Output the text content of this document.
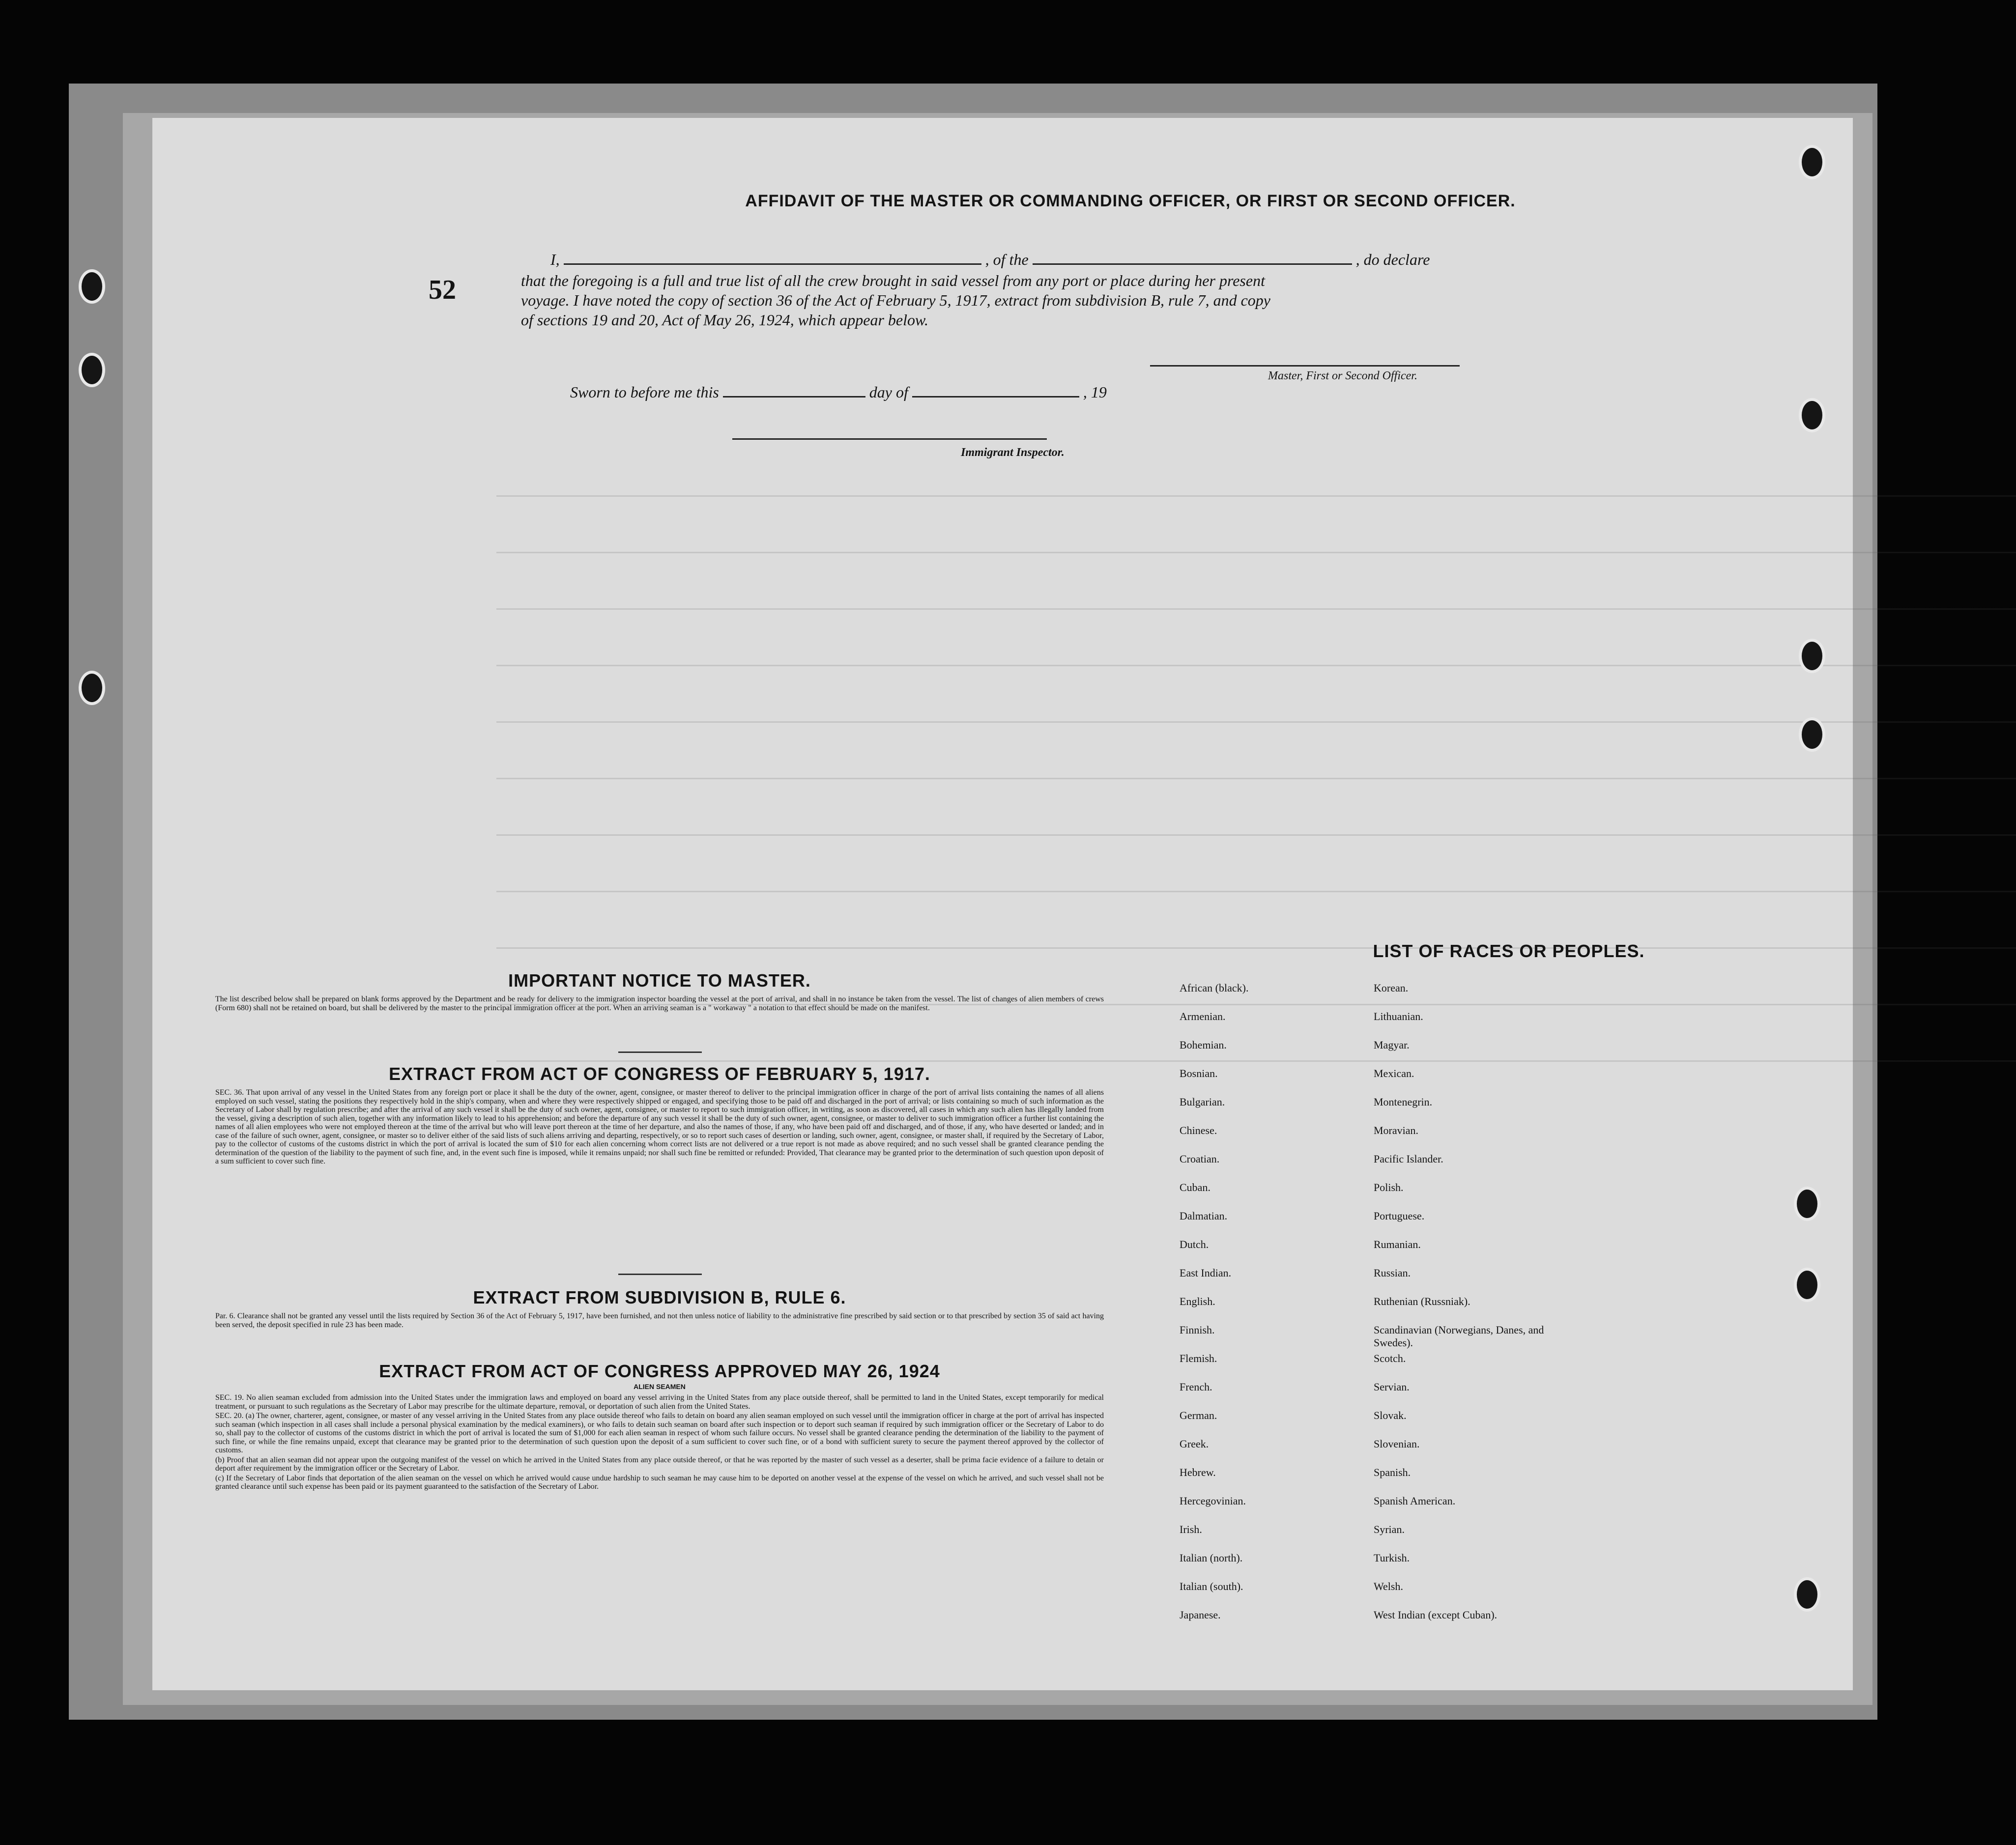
AFFIDAVIT OF THE MASTER OR COMMANDING OFFICER, OR FIRST OR SECOND OFFICER.
I,	, of the	, do declare
52	that the foregoing is a full and true list of all the crew brought in said vessel from any port or place during her present
voyage. I have noted the copy of section 36 of the Act of February 5, 1917, extract from subdivision B, rule 7, and copy
of sections 19 and 20, Act of May 26, 1924, which appear below.
Master, First or Second Officer.
Sworn to before me this	day of	, 19
Immigrant Inspector.
IMPORTANT NOTICE TO MASTER.

The list described below shall be prepared on blank forms approved by the Department and be ready for delivery to the immigration inspector boarding the vessel at the port of arrival, and shall in no instance be taken from the vessel. The list of changes of alien members of crews (Form 680) shall not be retained on board, but shall be delivered by the master to the principal immigration officer at the port. When an arriving seaman is a " workaway " a notation to that effect should be made on the manifest.

EXTRACT FROM ACT OF CONGRESS OF FEBRUARY 5, 1917.

SEC. 36. That upon arrival of any vessel in the United States from any foreign port or place it shall be the duty of the owner, agent, consignee, or master thereof to deliver to the principal immigration officer in charge of the port of arrival lists containing the names of all aliens employed on such vessel, stating the positions they respectively hold in the ship's company, when and where they were respectively shipped or engaged, and specifying those to be paid off and discharged in the port of arrival; or lists containing so much of such information as the Secretary of Labor shall by regulation prescribe; and after the arrival of any such vessel it shall be the duty of such owner, agent, consignee, or master to report to such immigration officer, in writing, as soon as discovered, all cases in which any such alien has illegally landed from the vessel, giving a description of such alien, together with any information likely to lead to his apprehension; and before the departure of any such vessel it shall be the duty of such owner, agent, consignee, or master to deliver to such immigration officer a further list containing the names of all alien employees who were not employed thereon at the time of the arrival but who will leave port thereon at the time of her departure, and also the names of those, if any, who have been paid off and discharged, and of those, if any, who have deserted or landed; and in case of the failure of such owner, agent, consignee, or master so to deliver either of the said lists of such aliens arriving and departing, respectively, or so to report such cases of desertion or landing, such owner, agent, consignee, or master shall, if required by the Secretary of Labor, pay to the collector of customs of the customs district in which the port of arrival is located the sum of $10 for each alien concerning whom correct lists are not delivered or a true report is not made as above required; and no such vessel shall be granted clearance pending the determination of the question of the liability to the payment of such fine, and, in the event such fine is imposed, while it remains unpaid; nor shall such fine be remitted or refunded: Provided, That clearance may be granted prior to the determination of such question upon deposit of a sum sufficient to cover such fine.

EXTRACT FROM SUBDIVISION B, RULE 6.

Par. 6. Clearance shall not be granted any vessel until the lists required by Section 36 of the Act of February 5, 1917, have been furnished, and not then unless notice of liability to the administrative fine prescribed by said section or to that prescribed by section 35 of said act having been served, the deposit specified in rule 23 has been made.

EXTRACT FROM ACT OF CONGRESS APPROVED MAY 26, 1924
ALIEN SEAMEN

SEC. 19. No alien seaman excluded from admission into the United States under the immigration laws and employed on board any vessel arriving in the United States from any place outside thereof, shall be permitted to land in the United States, except temporarily for medical treatment, or pursuant to such regulations as the Secretary of Labor may prescribe for the ultimate departure, removal, or deportation of such alien from the United States.

SEC. 20. (a) The owner, charterer, agent, consignee, or master of any vessel arriving in the United States from any place outside thereof who fails to detain on board any alien seaman employed on such vessel until the immigration officer in charge at the port of arrival has inspected such seaman (which inspection in all cases shall include a personal physical examination by the medical examiners), or who fails to detain such seaman on board after such inspection or to deport such seaman if required by such immigration officer or the Secretary of Labor to do so, shall pay to the collector of customs of the customs district in which the port of arrival is located the sum of $1,000 for each alien seaman in respect of whom such failure occurs. No vessel shall be granted clearance pending the determination of the liability to the payment of such fine, or while the fine remains unpaid, except that clearance may be granted prior to the determination of such question upon the deposit of a sum sufficient to cover such fine, or of a bond with sufficient surety to secure the payment thereof approved by the collector of customs.

(b) Proof that an alien seaman did not appear upon the outgoing manifest of the vessel on which he arrived in the United States from any place outside thereof, or that he was reported by the master of such vessel as a deserter, shall be prima facie evidence of a failure to detain or deport after requirement by the immigration officer or the Secretary of Labor.

(c) If the Secretary of Labor finds that deportation of the alien seaman on the vessel on which he arrived would cause undue hardship to such seaman he may cause him to be deported on another vessel at the expense of the vessel on which he arrived, and such vessel shall not be granted clearance until such expense has been paid or its payment guaranteed to the satisfaction of the Secretary of Labor.

LIST OF RACES OR PEOPLES.
African (black).
Armenian.
Bohemian.
Bosnian.
Bulgarian.
Chinese.
Croatian.
Cuban.
Dalmatian.
Dutch.
East Indian.
English.
Finnish.
Flemish.
French.
German.
Greek.
Hebrew.
Hercegovinian.
Irish.
Italian (north).
Italian (south).
Japanese.
Korean.
Lithuanian.
Magyar.
Mexican.
Montenegrin.
Moravian.
Pacific Islander.
Polish.
Portuguese.
Rumanian.
Russian.
Ruthenian (Russniak).
Scandinavian (Norwegians, Danes, and Swedes).
Scotch.
Servian.
Slovak.
Slovenian.
Spanish.
Spanish American.
Syrian.
Turkish.
Welsh.
West Indian (except Cuban).
